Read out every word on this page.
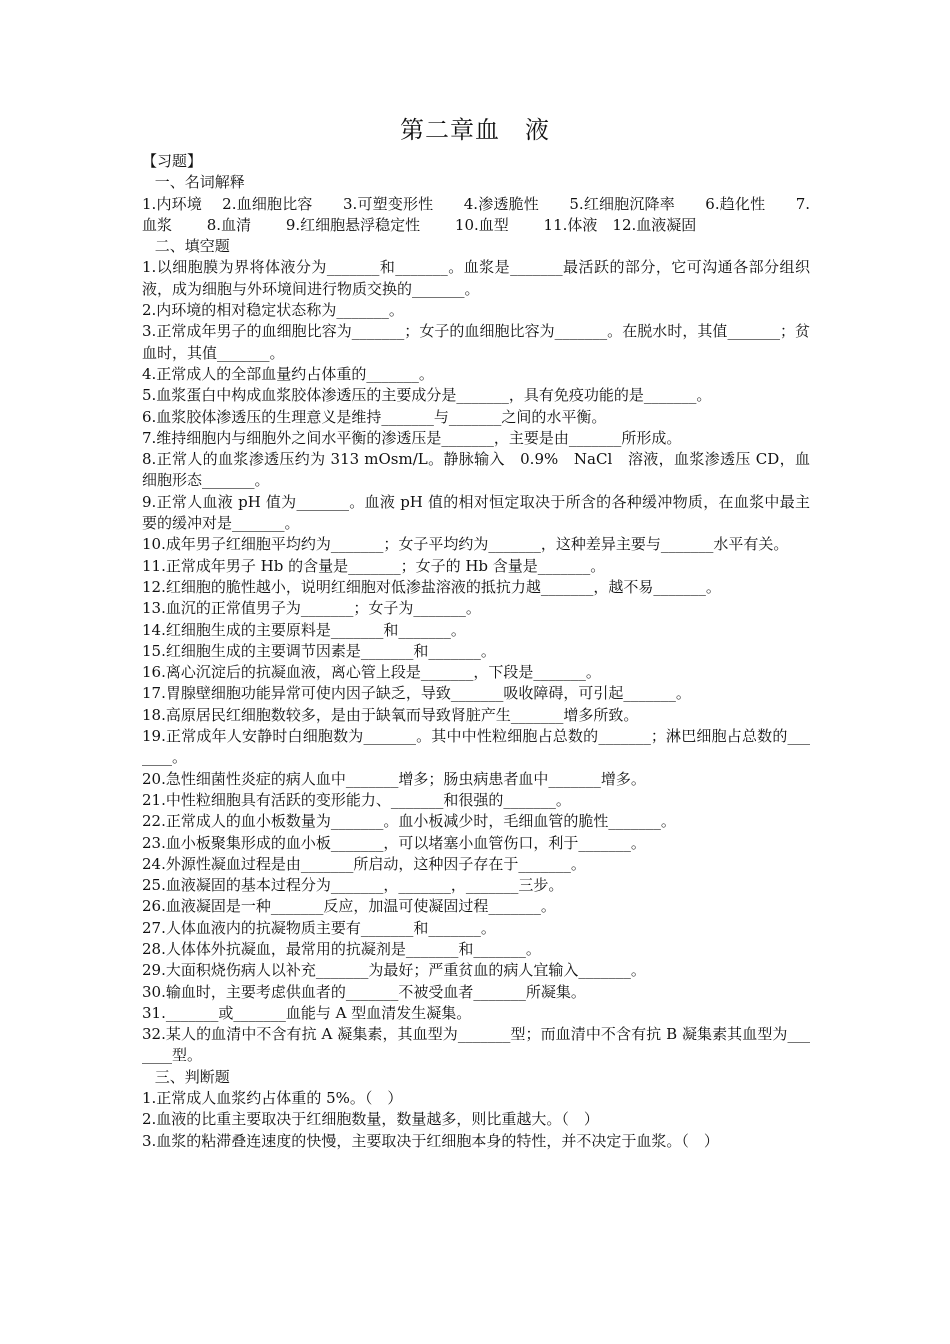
第二章血　液
【习题】
一、名词解释
1.内环境　 2.血细胞比容　　3.可塑变形性　　4.渗透脆性　　5.红细胞沉降率　　6.趋化性　　7.血浆　　 8.血清　　 9.红细胞悬浮稳定性　　 10.血型　　 11.体液　12.血液凝固
二、填空题
1.以细胞膜为界将体液分为_______和_______。血浆是_______最活跃的部分，它可沟通各部分组织液，成为细胞与外环境间进行物质交换的_______。
2.内环境的相对稳定状态称为_______。
3.正常成年男子的血细胞比容为_______；女子的血细胞比容为_______。在脱水时，其值_______；贫血时，其值_______。
4.正常成人的全部血量约占体重的_______。
5.血浆蛋白中构成血浆胶体渗透压的主要成分是_______，具有免疫功能的是_______。
6.血浆胶体渗透压的生理意义是维持_______与_______之间的水平衡。
7.维持细胞内与细胞外之间水平衡的渗透压是_______，主要是由_______所形成。
8.正常人的血浆渗透压约为 313 mOsm/L。静脉输入　0.9%　NaCl　溶液，血浆渗透压 CD，血细胞形态_______。
9.正常人血液 pH 值为_______。血液 pH 值的相对恒定取决于所含的各种缓冲物质，在血浆中最主要的缓冲对是_______。
10.成年男子红细胞平均约为_______；女子平均约为_______，这种差异主要与_______水平有关。
11.正常成年男子 Hb 的含量是_______；女子的 Hb 含量是_______。
12.红细胞的脆性越小，说明红细胞对低渗盐溶液的抵抗力越_______，越不易_______。
13.血沉的正常值男子为_______；女子为_______。
14.红细胞生成的主要原料是_______和_______。
15.红细胞生成的主要调节因素是_______和_______。
16.离心沉淀后的抗凝血液，离心管上段是_______，下段是_______。
17.胃腺壁细胞功能异常可使内因子缺乏，导致_______吸收障碍，可引起_______。
18.高原居民红细胞数较多，是由于缺氧而导致肾脏产生_______增多所致。
19.正常成年人安静时白细胞数为_______。其中中性粒细胞占总数的_______；淋巴细胞占总数的_______。
20.急性细菌性炎症的病人血中_______增多；肠虫病患者血中_______增多。
21.中性粒细胞具有活跃的变形能力、_______和很强的_______。
22.正常成人的血小板数量为_______。血小板减少时，毛细血管的脆性_______。
23.血小板聚集形成的血小板_______，可以堵塞小血管伤口，利于_______。
24.外源性凝血过程是由_______所启动，这种因子存在于_______。
25.血液凝固的基本过程分为_______，_______，_______三步。
26.血液凝固是一种_______反应，加温可使凝固过程_______。
27.人体血液内的抗凝物质主要有_______和_______。
28.人体体外抗凝血，最常用的抗凝剂是_______和_______。
29.大面积烧伤病人以补充_______为最好；严重贫血的病人宜输入_______。
30.输血时，主要考虑供血者的_______不被受血者_______所凝集。
31._______或_______血能与 A 型血清发生凝集。
32.某人的血清中不含有抗 A 凝集素，其血型为_______型；而血清中不含有抗 B 凝集素其血型为_______型。
三、判断题
1.正常成人血浆约占体重的 5%。（　）
2.血液的比重主要取决于红细胞数量，数量越多，则比重越大。（　）
3.血浆的粘滞叠连速度的快慢，主要取决于红细胞本身的特性，并不决定于血浆。（　）
